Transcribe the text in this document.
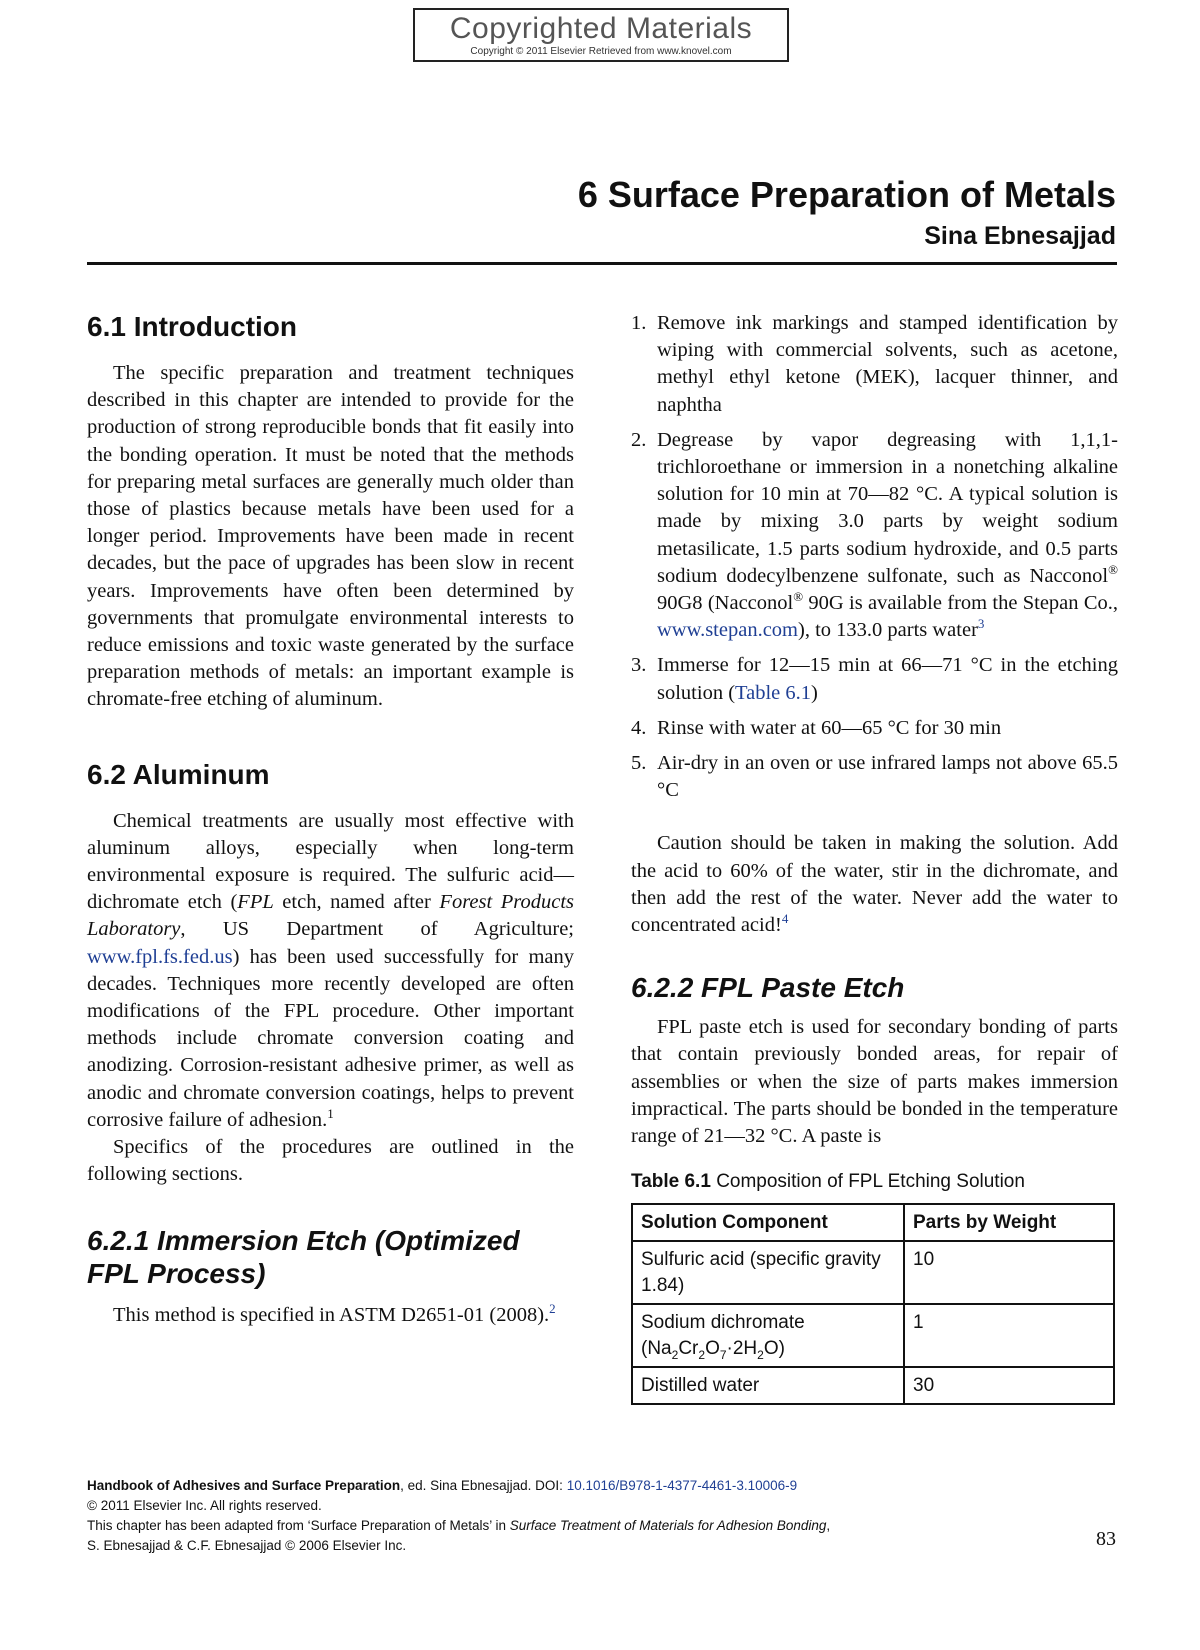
Copyrighted Materials
Copyright © 2011 Elsevier Retrieved from www.knovel.com
6 Surface Preparation of Metals
Sina Ebnesajjad
6.1 Introduction

The specific preparation and treatment techniques described in this chapter are intended to provide for the production of strong reproducible bonds that fit easily into the bonding operation. It must be noted that the methods for preparing metal surfaces are generally much older than those of plastics because metals have been used for a longer period. Improvements have been made in recent decades, but the pace of upgrades has been slow in recent years. Improvements have often been determined by governments that promulgate environmental interests to reduce emissions and toxic waste generated by the surface preparation methods of metals: an important example is chromate-free etching of aluminum.

6.2 Aluminum

Chemical treatments are usually most effective with aluminum alloys, especially when long-term environmental exposure is required. The sulfuric acid—dichromate etch (FPL etch, named after Forest Products Laboratory, US Department of Agriculture; www.fpl.fs.fed.us) has been used successfully for many decades. Techniques more recently developed are often modifications of the FPL procedure. Other important methods include chromate conversion coating and anodizing. Corrosion-resistant adhesive primer, as well as anodic and chromate conversion coatings, helps to prevent corrosive failure of adhesion.$^1$

Specifics of the procedures are outlined in the following sections.

6.2.1 Immersion Etch (Optimized FPL Process)

This method is specified in ASTM D2651-01 (2008).$^2$

1. Remove ink markings and stamped identification by wiping with commercial solvents, such as acetone, methyl ethyl ketone (MEK), lacquer thinner, and naphtha
2. Degrease by vapor degreasing with 1,1,1-trichloroethane or immersion in a nonetching alkaline solution for 10 min at 70—82 °C. A typical solution is made by mixing 3.0 parts by weight sodium metasilicate, 1.5 parts sodium hydroxide, and 0.5 parts sodium dodecylbenzene sulfonate, such as Nacconol® 90G8 (Nacconol® 90G is available from the Stepan Co., www.stepan.com), to 133.0 parts water$^3$
3. Immerse for 12—15 min at 66—71 °C in the etching solution (Table 6.1)
4. Rinse with water at 60—65 °C for 30 min
5. Air-dry in an oven or use infrared lamps not above 65.5 °C

Caution should be taken in making the solution. Add the acid to 60% of the water, stir in the dichromate, and then add the rest of the water. Never add the water to concentrated acid!$^4$

6.2.2 FPL Paste Etch

FPL paste etch is used for secondary bonding of parts that contain previously bonded areas, for repair of assemblies or when the size of parts makes immersion impractical. The parts should be bonded in the temperature range of 21—32 °C. A paste is

Table 6.1 Composition of FPL Etching Solution
Solution Component	Parts by Weight
Sulfuric acid (specific gravity 1.84)	10
Sodium dichromate
$(Na_2Cr_2O_7\cdot 2H_2O)$	1
Distilled water	30
Handbook of Adhesives and Surface Preparation, ed. Sina Ebnesajjad. DOI: 10.1016/B978-1-4377-4461-3.10006-9
© 2011 Elsevier Inc. All rights reserved.
This chapter has been adapted from ‘Surface Preparation of Metals’ in Surface Treatment of Materials for Adhesion Bonding,
S. Ebnesajjad & C.F. Ebnesajjad © 2006 Elsevier Inc.	83
